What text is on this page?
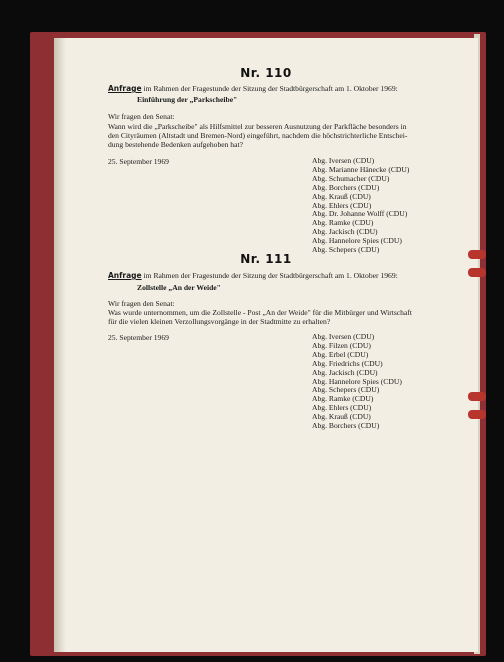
Nr. 110
Anfrage im Rahmen der Fragestunde der Sitzung der Stadtbürgerschaft am 1. Oktober 1969:
Einführung der „Parkscheibe"
Wir fragen den Senat:
Wann wird die „Parkscheibe" als Hilfsmittel zur besseren Ausnutzung der Parkfläche besonders in
den Cityräumen (Altstadt und Bremen-Nord) eingeführt, nachdem die höchstrichterliche Entschei-
dung bestehende Bedenken aufgehoben hat?
25. September 1969	Abg. Iversen (CDU)
Abg. Marianne Hänecke (CDU)
Abg. Schumacher (CDU)
Abg. Borchers (CDU)
Abg. Krauß (CDU)
Abg. Ehlers (CDU)
Abg. Dr. Johanne Wolff (CDU)
Abg. Ramke (CDU)
Abg. Jackisch (CDU)
Abg. Hannelore Spies (CDU)
Abg. Schepers (CDU)
Nr. 111
Anfrage im Rahmen der Fragestunde der Sitzung der Stadtbürgerschaft am 1. Oktober 1969:
Zollstelle „An der Weide"
Wir fragen den Senat:
Was wurde unternommen, um die Zollstelle - Post „An der Weide" für die Mitbürger und Wirtschaft
für die vielen kleinen Verzollungsvorgänge in der Stadtmitte zu erhalten?
25. September 1969	Abg. Iversen (CDU)
Abg. Filzen (CDU)
Abg. Erbel (CDU)
Abg. Friedrichs (CDU)
Abg. Jackisch (CDU)
Abg. Hannelore Spies (CDU)
Abg. Schepers (CDU)
Abg. Ramke (CDU)
Abg. Ehlers (CDU)
Abg. Krauß (CDU)
Abg. Borchers (CDU)
